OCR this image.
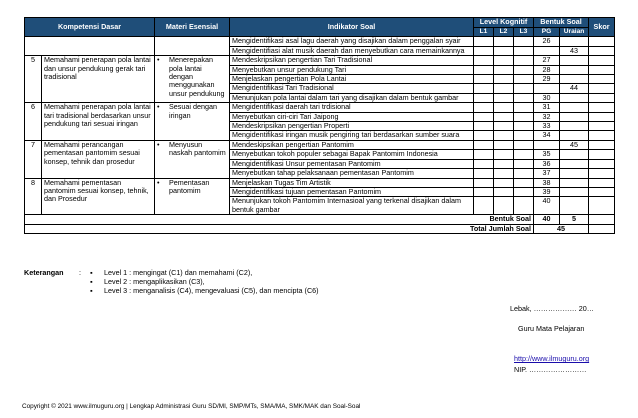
Kompetensi Dasar		Materi Esensial	Indikator Soal	Level Kognitif			Bentuk Soal		Skor
				L1	L2	L3	PG	Uraian	
			Mengidentifikasi asal lagu daerah yang disajikan dalam penggalan syair				26		
			Mengidentifiasi alat musik daerah dan menyebutkan cara memainkannya					43	
5	Memahami penerapan pola lantai dan unsur pendukung gerak tari tradisional	• Menerepakan pola lantai dengan menggunakan unsur pendukung	Mendeskripsikan pengertian Tari Tradisional				27		
			Menyebutkan unsur pendukung Tari				28		
			Menjelaskan pengertian Pola Lantai				29		
			Mengidentifikasi Tari Tradisional					44	
			Menunjukan pola lantai dalam tari yang disajikan dalam bentuk gambar				30		
6	Memahami penerapan pola lantai tari tradisional berdasarkan unsur pendukung tari sesuai iringan	• Sesuai dengan iringan	Mengidentifikasi daerah tari trdisional				31		
			Menyebutkan ciri-ciri Tari Jaipong				32		
			Mendeskripsikan pengertian Properti				33		
			Mengidentifikasi iringan musik pengiring tari berdasarkan sumber suara				34		
7	Memahami perancangan pementasan pantomim sesuai konsep, tehnik dan prosedur	• Menyusun naskah pantomim	Mendeskipsikan pengertian Pantomim					45	
			Menyebutkan tokoh populer sebagai Bapak Pantomim Indonesia				35		
			Mengidentifikasi Unsur pementasan Pantomim				36		
			Menyebutkan tahap pelaksanaan pementasan Pantomim				37		
8	Memahami pementasan pantomim sesuai konsep, tehnik, dan Prosedur	• Pementasan pantomim	Menjelaskan Tugas Tim Artistik				38		
			Mengidentifikasi tujuan pementasan Pantomim				39		
			Menunjukan tokoh Pantomim Internasioal yang terkenal disajikan dalam bentuk gambar				40		
Bentuk Soal							40	5	
Total Jumlah Soal							45		
Keterangan : ▪	Level 1 : mengingat (C1) dan memahami (C2),
▪	Level 2 : mengaplikasikan (C3),
▪	Level 3 : menganalisis (C4), mengevaluasi (C5), dan mencipta (C6)
Lebak, ……………… 20…
Guru Mata Pelajaran
http://www.ilmuguru.org
NIP. ……………………
Copyright © 2021 www.ilmuguru.org | Lengkap Administrasi Guru SD/MI, SMP/MTs, SMA/MA, SMK/MAK dan Soal-Soal
